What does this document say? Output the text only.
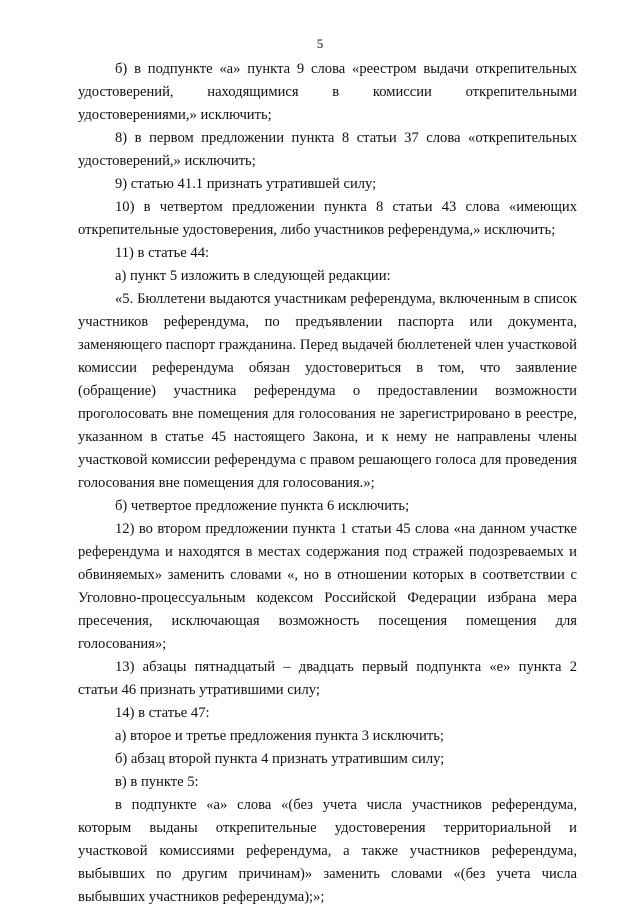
5

б) в подпункте «а» пункта 9 слова «реестром выдачи открепительных удостоверений, находящимися в комиссии открепительными удостоверениями,» исключить;

8) в первом предложении пункта 8 статьи 37 слова «открепительных удостоверений,» исключить;

9) статью 41.1 признать утратившей силу;

10) в четвертом предложении пункта 8 статьи 43 слова «имеющих открепительные удостоверения, либо участников референдума,» исключить;

11) в статье 44:

а) пункт 5 изложить в следующей редакции:

«5. Бюллетени выдаются участникам референдума, включенным в список участников референдума, по предъявлении паспорта или документа, заменяющего паспорт гражданина. Перед выдачей бюллетеней член участковой комиссии референдума обязан удостовериться в том, что заявление (обращение) участника референдума о предоставлении возможности проголосовать вне помещения для голосования не зарегистрировано в реестре, указанном в статье 45 настоящего Закона, и к нему не направлены члены участковой комиссии референдума с правом решающего голоса для проведения голосования вне помещения для голосования.»;

б) четвертое предложение пункта 6 исключить;

12) во втором предложении пункта 1 статьи 45 слова «на данном участке референдума и находятся в местах содержания под стражей подозреваемых и обвиняемых» заменить словами «, но в отношении которых в соответствии с Уголовно-процессуальным кодексом Российской Федерации избрана мера пресечения, исключающая возможность посещения помещения для голосования»;

13) абзацы пятнадцатый – двадцать первый подпункта «е» пункта 2 статьи 46 признать утратившими силу;

14) в статье 47:

а) второе и третье предложения пункта 3 исключить;

б) абзац второй пункта 4 признать утратившим силу;

в) в пункте 5:

в подпункте «а» слова «(без учета числа участников референдума, которым выданы открепительные удостоверения территориальной и участковой комиссиями референдума, а также участников референдума, выбывших по другим причинам)» заменить словами «(без учета числа выбывших участников референдума);»;
